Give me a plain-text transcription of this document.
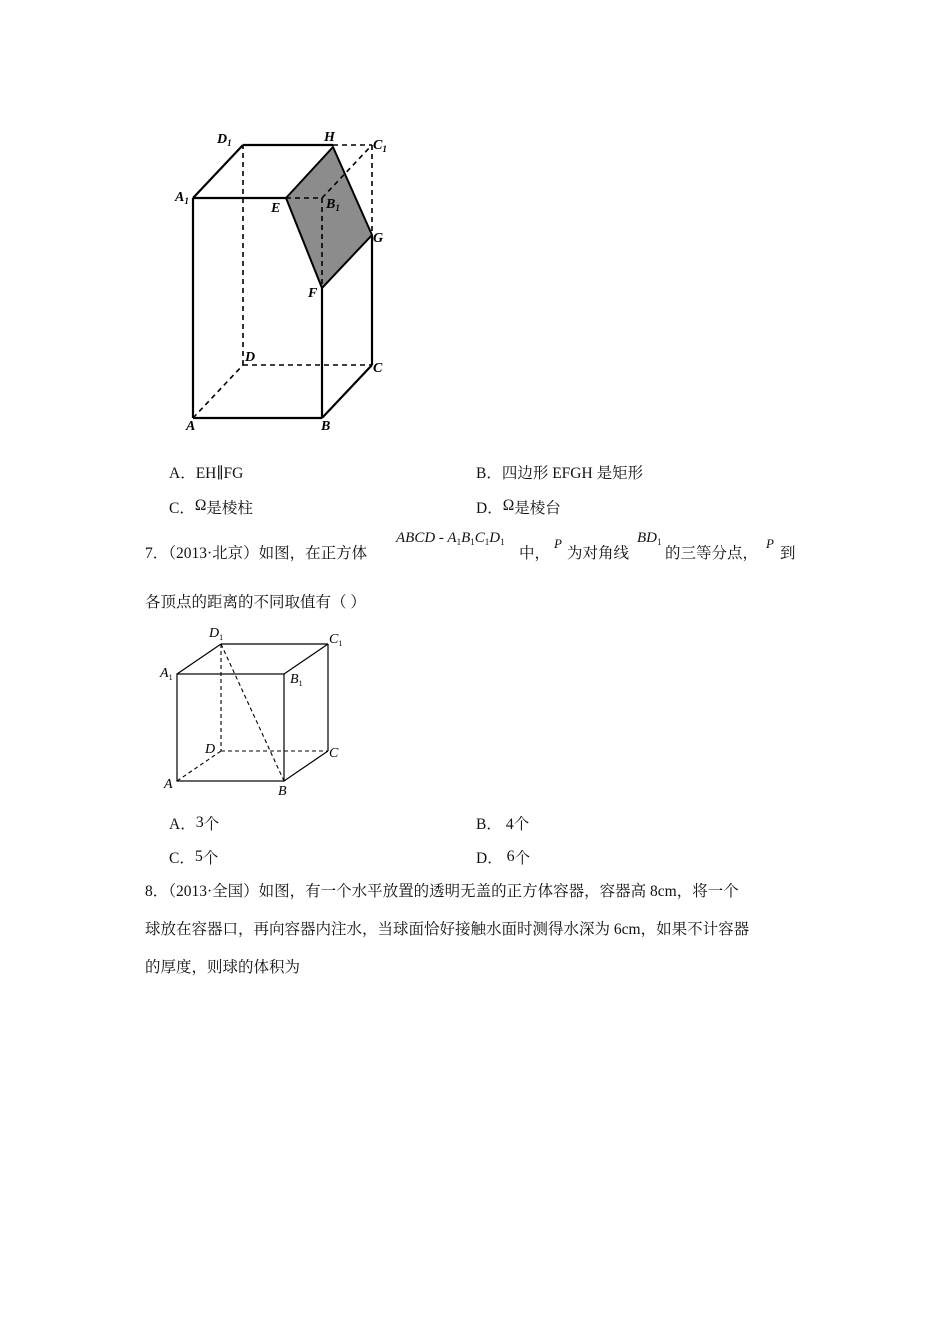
$D_1$	H
$C_1$
$A_1$	E	$B_1$
G
F
D
C
A	B
A．EH∥FG	B．四边形 EFGH 是矩形
C．Ω是棱柱	D．Ω是棱台
7．（2013·北京）如图，在正方体
ABCD - $A_1B_1C_1D_1$
中，
P
为对角线
$BD_1$
的三等分点，
P
到
各顶点的距离的不同取值有（ ）
$D_1$	$C_1$
$A_1$	$B_1$
D	C
A	B
A．3个	B． 4个
C．5个	D． 6个
8．（2013·全国）如图，有一个水平放置的透明无盖的正方体容器，容器高 8cm，将一个
球放在容器口，再向容器内注水，当球面恰好接触水面时测得水深为 6cm，如果不计容器
的厚度，则球的体积为
